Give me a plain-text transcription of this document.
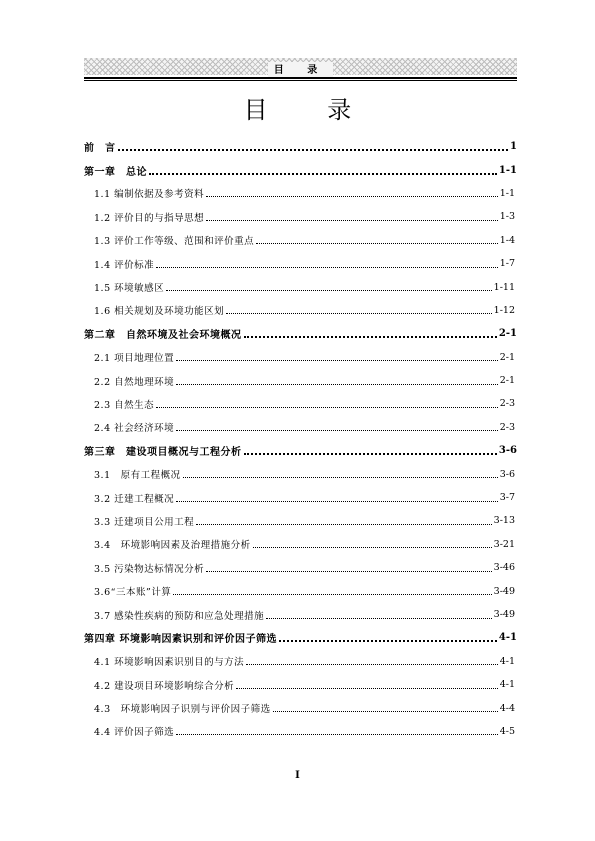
目 录
目 录
前　言	1
第一章　总论	1-1
1.1 编制依据及参考资料	1-1
1.2 评价目的与指导思想	1-3
1.3 评价工作等级、范围和评价重点	1-4
1.4 评价标准	1-7
1.5 环境敏感区	1-11
1.6 相关规划及环境功能区划	1-12
第二章　自然环境及社会环境概况	2-1
2.1 项目地理位置	2-1
2.2 自然地理环境	2-1
2.3 自然生态	2-3
2.4 社会经济环境	2-3
第三章　建设项目概况与工程分析	3-6
3.1　原有工程概况	3-6
3.2 迁建工程概况	3-7
3.3 迁建项目公用工程	3-13
3.4　环境影响因素及治理措施分析	3-21
3.5 污染物达标情况分析	3-46
3.6“三本账”计算	3-49
3.7 感染性疾病的预防和应急处理措施	3-49
第四章 环境影响因素识别和评价因子筛选	4-1
4.1 环境影响因素识别目的与方法	4-1
4.2 建设项目环境影响综合分析	4-1
4.3　环境影响因子识别与评价因子筛选	4-4
4.4 评价因子筛选	4-5
I
